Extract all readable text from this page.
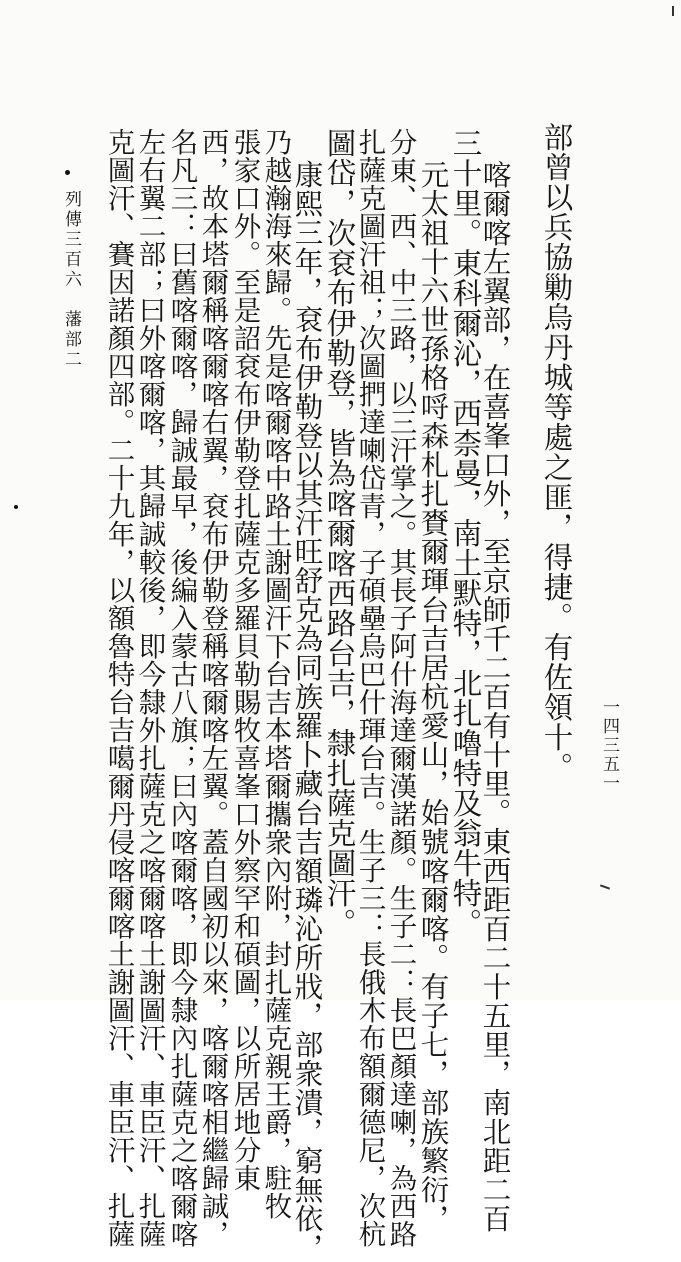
部曾以兵協勦烏丹城等處之匪，得捷。有佐領十。
喀爾喀左翼部，在喜峯口外，至京師千二百有十里。東西距百二十五里，南北距二百
三十里。東科爾沁，西柰曼，南土默特，北扎嚕特及翁牛特。
元太祖十六世孫格哷森札扎賚爾琿台吉居杭愛山，始號喀爾喀。有子七，部族繁衍，
分東、西、中三路，以三汗掌之。其長子阿什海達爾漢諾顏。生子二：長巴顏達喇，為西路
扎薩克圖汗祖；次圖捫達喇岱青，子碩壘烏巴什琿台吉。生子三：長俄木布額爾德尼，次杭
圖岱，次袞布伊勒登，皆為喀爾喀西路台吉，隸扎薩克圖汗。
康熙三年，袞布伊勒登以其汗旺舒克為同族羅卜藏台吉額璘沁所戕，部衆潰，窮無依，
乃越瀚海來歸。先是喀爾喀中路土謝圖汗下台吉本塔爾攜衆內附，封扎薩克親王爵，駐牧
張家口外。至是詔袞布伊勒登扎薩克多羅貝勒賜牧喜峯口外察罕和碩圖，以所居地分東
西，故本塔爾稱喀爾喀右翼，袞布伊勒登稱喀爾喀左翼。蓋自國初以來，喀爾喀相繼歸誠，
名凡三：曰舊喀爾喀，歸誠最早，後編入蒙古八旗；曰內喀爾喀，即今隸內扎薩克之喀爾喀
左右翼二部；曰外喀爾喀，其歸誠較後，即今隸外扎薩克之喀爾喀土謝圖汗、車臣汗、扎薩
克圖汗、賽因諾顏四部。二十九年，以額魯特台吉噶爾丹侵喀爾喀土謝圖汗、車臣汗、扎薩
列傳三百六　藩部二
一四三五一
